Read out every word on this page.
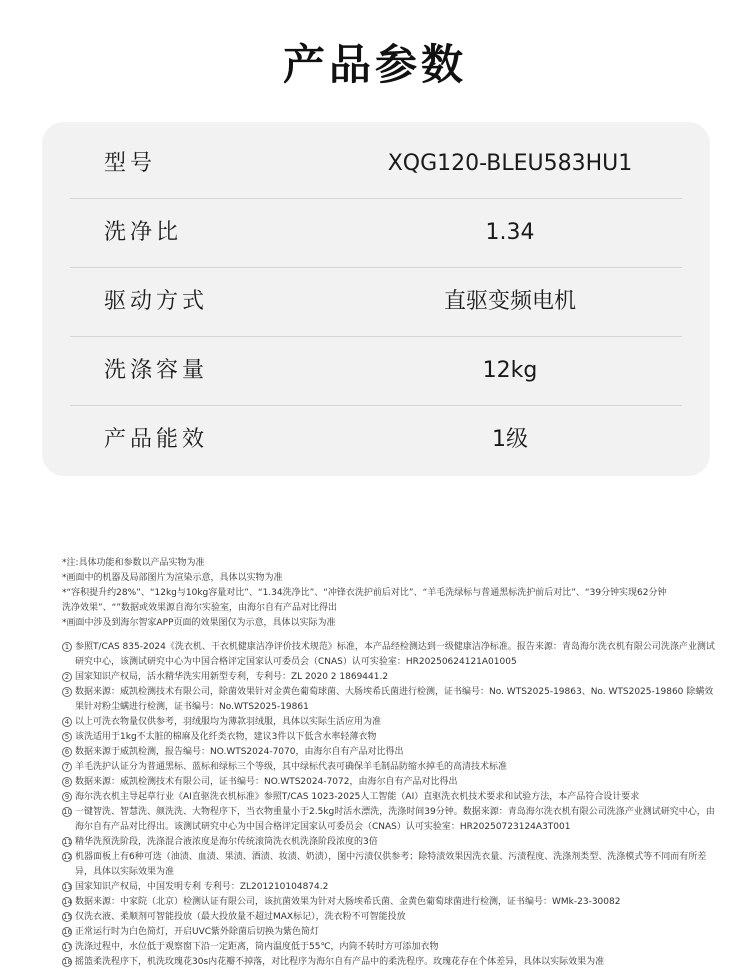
产品参数
型号	XQG120-BLEU583HU1
洗净比	1.34
驱动方式	直驱变频电机
洗涤容量	12kg
产品能效	1级
*注:具体功能和参数以产品实物为准
*画面中的机器及局部图片为渲染示意，具体以实物为准
*“容积提升约28%”、“12kg与10kg容量对比”、“1.34洗净比”、“冲锋衣洗护前后对比”、“羊毛洗绿标与普通黑标洗护前后对比”、“39分钟实现62分钟
洗净效果”、“”数据或效果源自海尔实验室，由海尔自有产品对比得出
*画面中涉及到海尔智家APP页面的效果图仅为示意，具体以实际为准
1 参照T/CAS 835-2024《洗衣机、干衣机健康洁净评价技术规范》标准，本产品经检测达到一级健康洁净标准。报告来源：青岛海尔洗衣机有限公司洗涤产业测试研究中心，该测试研究中心为中国合格评定国家认可委员会（CNAS）认可实验室：HR20250624121A01005
2 国家知识产权局，活水精华洗实用新型专利，专利号：ZL 2020 2 1869441.2
3 数据来源：威凯检测技术有限公司，除菌效果针对金黄色葡萄球菌、大肠埃希氏菌进行检测，证书编号：No. WTS2025-19863、No. WTS2025-19860 除螨效果针对粉尘螨进行检测，证书编号：No.WTS2025-19861
4 以上可洗衣物量仅供参考，羽绒服均为薄款羽绒服，具体以实际生活应用为准
5 该洗适用于1kg不太脏的棉麻及化纤类衣物，建议3件以下低含水率轻薄衣物
6 数据来源于威凯检测，报告编号：NO.WTS2024-7070，由海尔自有产品对比得出
7 羊毛洗护认证分为普通黑标、蓝标和绿标三个等级，其中绿标代表可确保羊毛制品防缩水掉毛的高清技术标准
8 数据来源：威凯检测技术有限公司，证书编号：NO.WTS2024-7072，由海尔自有产品对比得出
9 海尔洗衣机主导起草行业《AI直驱洗衣机标准》参照T/CAS 1023-2025人工智能（AI）直驱洗衣机技术要求和试验方法，本产品符合设计要求
10 一键智洗、智慧洗、颜洗洗、大物程序下，当衣物重量小于2.5kg时活水漂洗，洗涤时间39分钟。数据来源：青岛海尔洗衣机有限公司洗涤产业测试研究中心，由海尔自有产品对比得出。该测试研究中心为中国合格评定国家认可委员会（CNAS）认可实验室：HR20250723124A3T001
11 精华洗预洗阶段，洗涤混合液浓度是海尔传统滚筒洗衣机洗涤阶段浓度的3倍
12 机器面板上有6种可选（油渍、血渍、果渍、酒渍、妆渍、奶渍），图中污渍仅供参考；除特渍效果因洗衣量、污渍程度、洗涤剂类型、洗涤模式等不同而有所差异，具体以实际效果为准
13 国家知识产权局，中国发明专利 专利号：ZL201210104874.2
14 数据来源：中家院（北京）检测认证有限公司，该抗菌效果为针对大肠埃希氏菌、金黄色葡萄球菌进行检测，证书编号：WMk-23-30082
15 仅洗衣液、柔顺剂可智能投放（最大投放量不超过MAX标记），洗衣粉不可智能投放
16 正常运行时为白色简灯，开启UVC紫外除菌后切换为紫色简灯
17 洗涤过程中，水位低于观察窗下沿一定距离，筒内温度低于55℃，内筒不转时方可添加衣物
18 摇篮柔洗程序下，机洗玫瑰花30s内花瓣不掉落，对比程序为海尔自有产品中的柔洗程序。玫瑰花存在个体差异，具体以实际效果为准
